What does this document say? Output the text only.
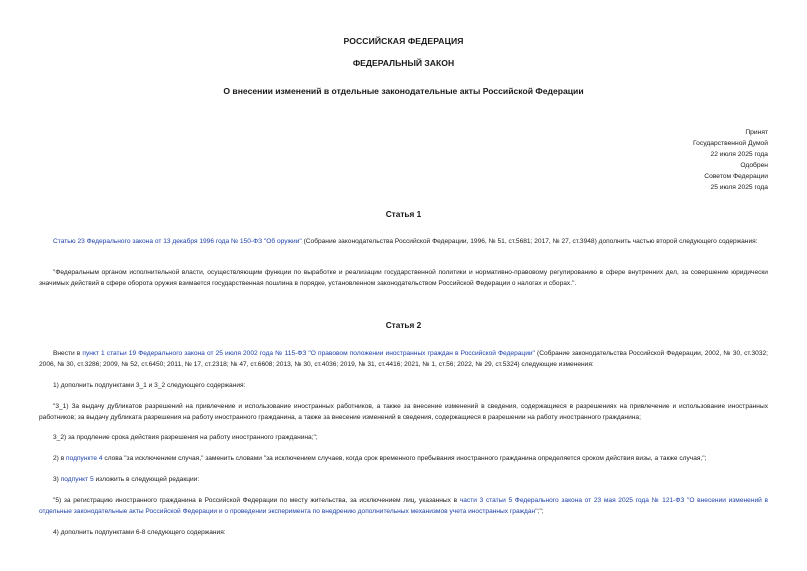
РОССИЙСКАЯ ФЕДЕРАЦИЯ
ФЕДЕРАЛЬНЫЙ ЗАКОН
О внесении изменений в отдельные законодательные акты Российской Федерации
Принят
Государственной Думой
22 июля 2025 года
Одобрен
Советом Федерации
25 июля 2025 года
Статья 1
Статью 23 Федерального закона от 13 декабря 1996 года № 150-ФЗ "Об оружии" (Собрание законодательства Российской Федерации, 1996, № 51, ст.5681; 2017, № 27, ст.3948) дополнить частью второй следующего содержания:
"Федеральным органом исполнительной власти, осуществляющим функции по выработке и реализации государственной политики и нормативно-правовому регулированию в сфере внутренних дел, за совершение юридически значимых действий в сфере оборота оружия взимается государственная пошлина в порядке, установленном законодательством Российской Федерации о налогах и сборах.".
Статья 2
Внести в пункт 1 статьи 19 Федерального закона от 25 июля 2002 года № 115-ФЗ "О правовом положении иностранных граждан в Российской Федерации" (Собрание законодательства Российской Федерации, 2002, № 30, ст.3032; 2006, № 30, ст.3286; 2009, № 52, ст.6450; 2011, № 17, ст.2318; № 47, ст.6608; 2013, № 30, ст.4036; 2019, № 31, ст.4416; 2021, № 1, ст.56; 2022, № 29, ст.5324) следующие изменения:
1) дополнить подпунктами 3_1 и 3_2 следующего содержания:
"3_1) За выдачу дубликатов разрешений на привлечение и использование иностранных работников, а также за внесение изменений в сведения, содержащиеся в разрешениях на привлечение и использование иностранных работников; за выдачу дубликата разрешения на работу иностранного гражданина, а также за внесение изменений в сведения, содержащиеся в разрешении на работу иностранного гражданина;
3_2) за продление срока действия разрешения на работу иностранного гражданина;";
2) в подпункте 4 слова "за исключением случая," заменить словами "за исключением случаев, когда срок временного пребывания иностранного гражданина определяется сроком действия визы, а также случая,";
3) подпункт 5 изложить в следующей редакции:
"5) за регистрацию иностранного гражданина в Российской Федерации по месту жительства, за исключением лиц, указанных в части 3 статьи 5 Федерального закона от 23 мая 2025 года № 121-ФЗ "О внесении изменений в отдельные законодательные акты Российской Федерации и о проведении эксперимента по внедрению дополнительных механизмов учета иностранных граждан";";
4) дополнить подпунктами 6-8 следующего содержания:
